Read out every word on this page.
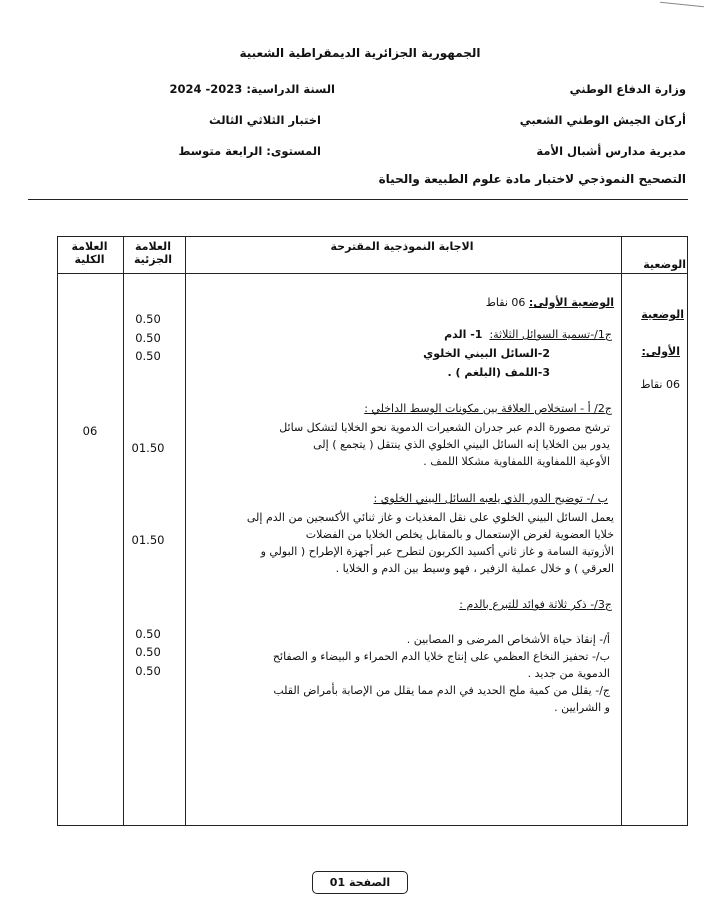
الجمهورية الجزائرية الديمقراطية الشعبية
وزارة الدفاع الوطني
السنة الدراسية: 2023- 2024
أركان الجيش الوطني الشعبي
اختبار الثلاثي الثالث
مديرية مدارس أشبال الأمة
المستوى: الرابعة متوسط
التصحيح النموذجي لاختبار مادة علوم الطبيعة والحياة
العلامة
الكلية
العلامة
الجزئية
الاجابة النموذجية المقترحة
الوضعية
الوضعية
الأولى:
06 نقاط
06
0.50
0.50
0.50
01.50
01.50
0.50
0.50
0.50
الوضعية الأولى: 06 نقاط
ج1/-تسمية السوائل الثلاثة:  1- الدم
2-السائل البيني الخلوي
3-اللمف (البلغم ) .
ج2/ أ - استخلاص العلاقة بين مكونات الوسط الداخلي :
ترشح مصورة الدم عبر جدران الشعيرات الدموية نحو الخلايا لتشكل سائل
يدور بين الخلايا إنه السائل البيني الخلوي الذي ينتقل ( يتجمع ) إلى
الأوعية اللمفاوية اللمفاوية مشكلا اللمف .
ب /- توضيح الدور الذي يلعبه السائل البيني الخلوي :
يعمل السائل البيني الخلوي على نقل المغذيات و غاز ثنائي الأكسجين من الدم إلى
خلايا العضوية لغرض الإستعمال و بالمقابل يخلص الخلايا من الفضلات
الأزوتية السامة و غاز ثاني أكسيد الكربون لتطرح عبر أجهزة الإطراح ( البولي و
العرقي ) و خلال عملية الزفير ، فهو وسيط بين الدم و الخلايا .
ج3/- ذكر ثلاثة فوائد للتبرع بالدم :
أ/- إنقاذ حياة الأشخاص المرضى و المصابين .
ب/- تحفيز النخاع العظمي على إنتاج خلايا الدم الحمراء و البيضاء و الصفائح
الدموية من جديد .
ج/- يقلل من كمية ملح الحديد في الدم مما يقلل من الإصابة بأمراض القلب
و الشرايين .
الصفحة 01
